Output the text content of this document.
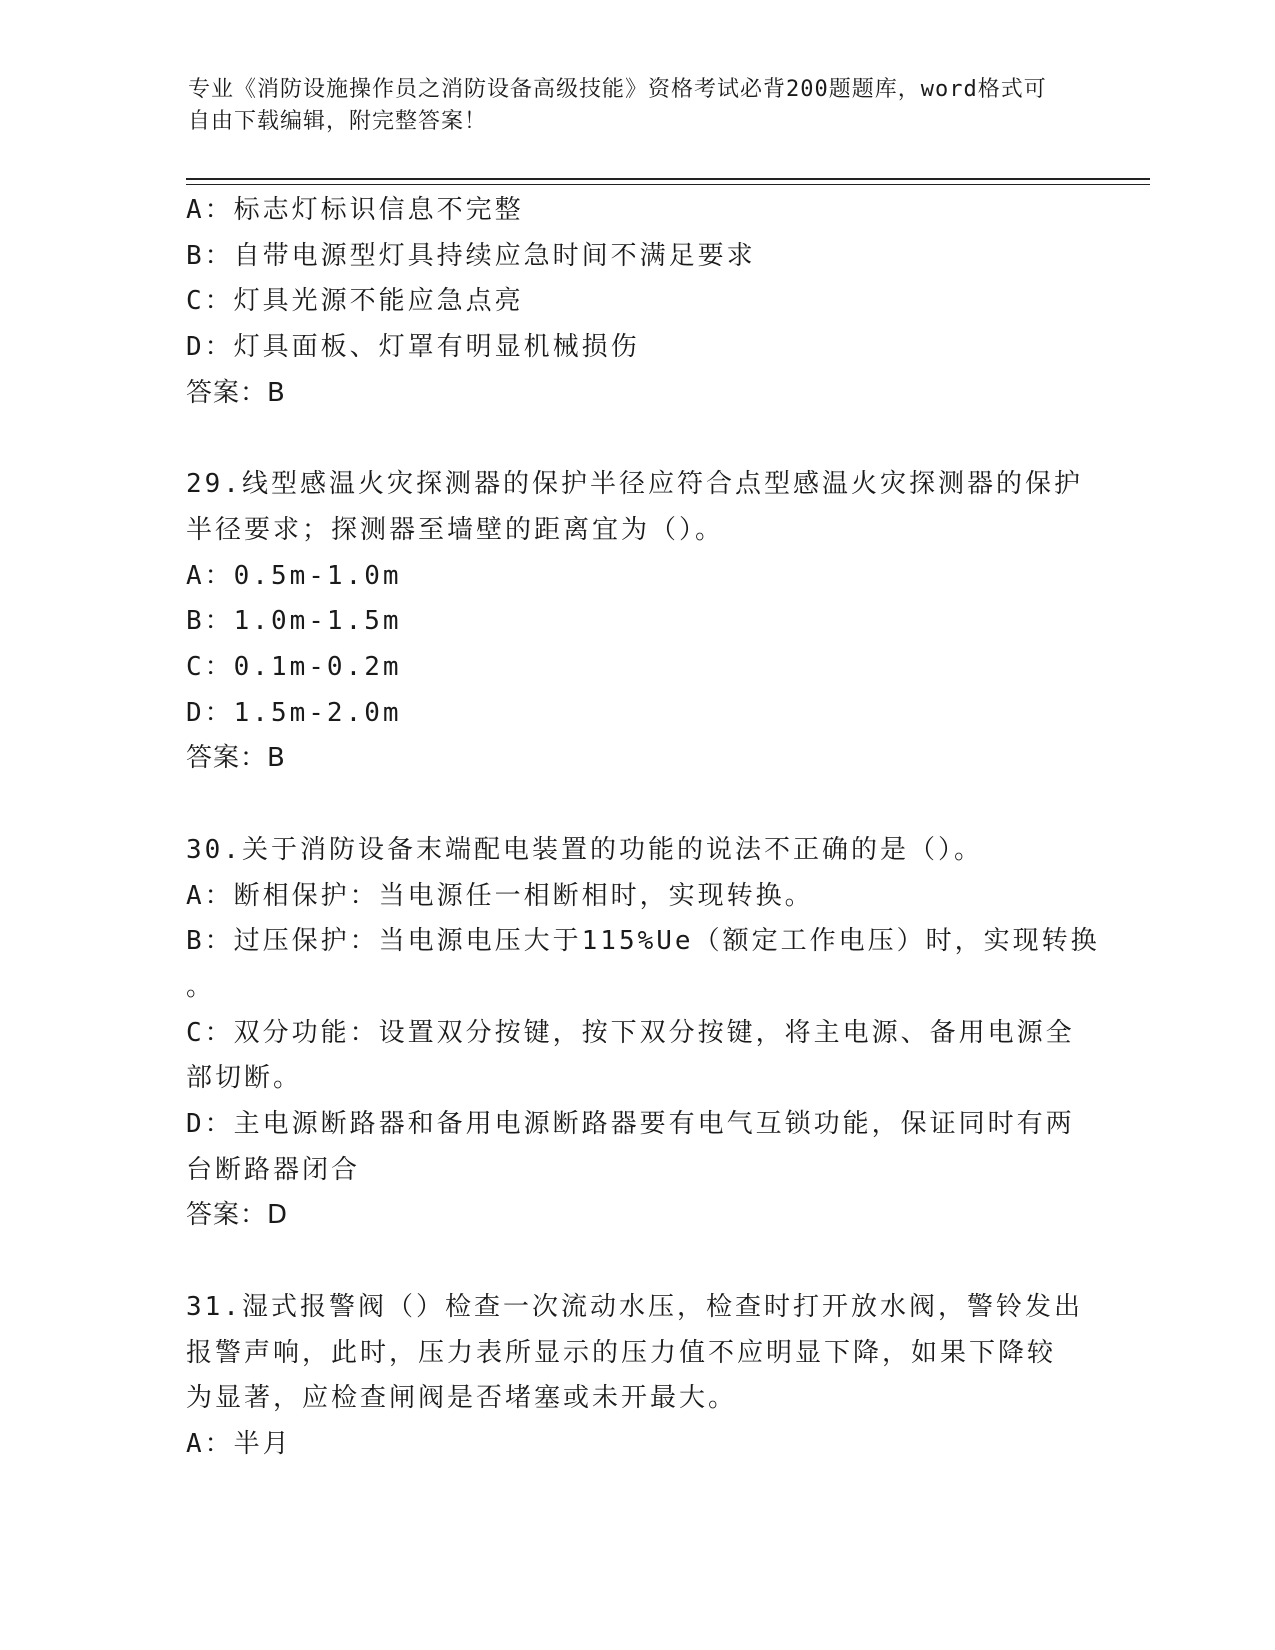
专业《消防设施操作员之消防设备高级技能》资格考试必背200题题库，word格式可自由下载编辑，附完整答案！
A：标志灯标识信息不完整
B：自带电源型灯具持续应急时间不满足要求
C：灯具光源不能应急点亮
D：灯具面板、灯罩有明显机械损伤
答案：B
29.线型感温火灾探测器的保护半径应符合点型感温火灾探测器的保护
半径要求；探测器至墙壁的距离宜为（）。
A：0.5m-1.0m
B：1.0m-1.5m
C：0.1m-0.2m
D：1.5m-2.0m
答案：B
30.关于消防设备末端配电装置的功能的说法不正确的是（）。
A：断相保护：当电源任一相断相时，实现转换。
B：过压保护：当电源电压大于115%Ue（额定工作电压）时，实现转换
。
C：双分功能：设置双分按键，按下双分按键，将主电源、备用电源全
部切断。
D：主电源断路器和备用电源断路器要有电气互锁功能，保证同时有两
台断路器闭合
答案：D
31.湿式报警阀（）检查一次流动水压，检查时打开放水阀，警铃发出
报警声响，此时，压力表所显示的压力值不应明显下降，如果下降较
为显著，应检查闸阀是否堵塞或未开最大。
A：半月
